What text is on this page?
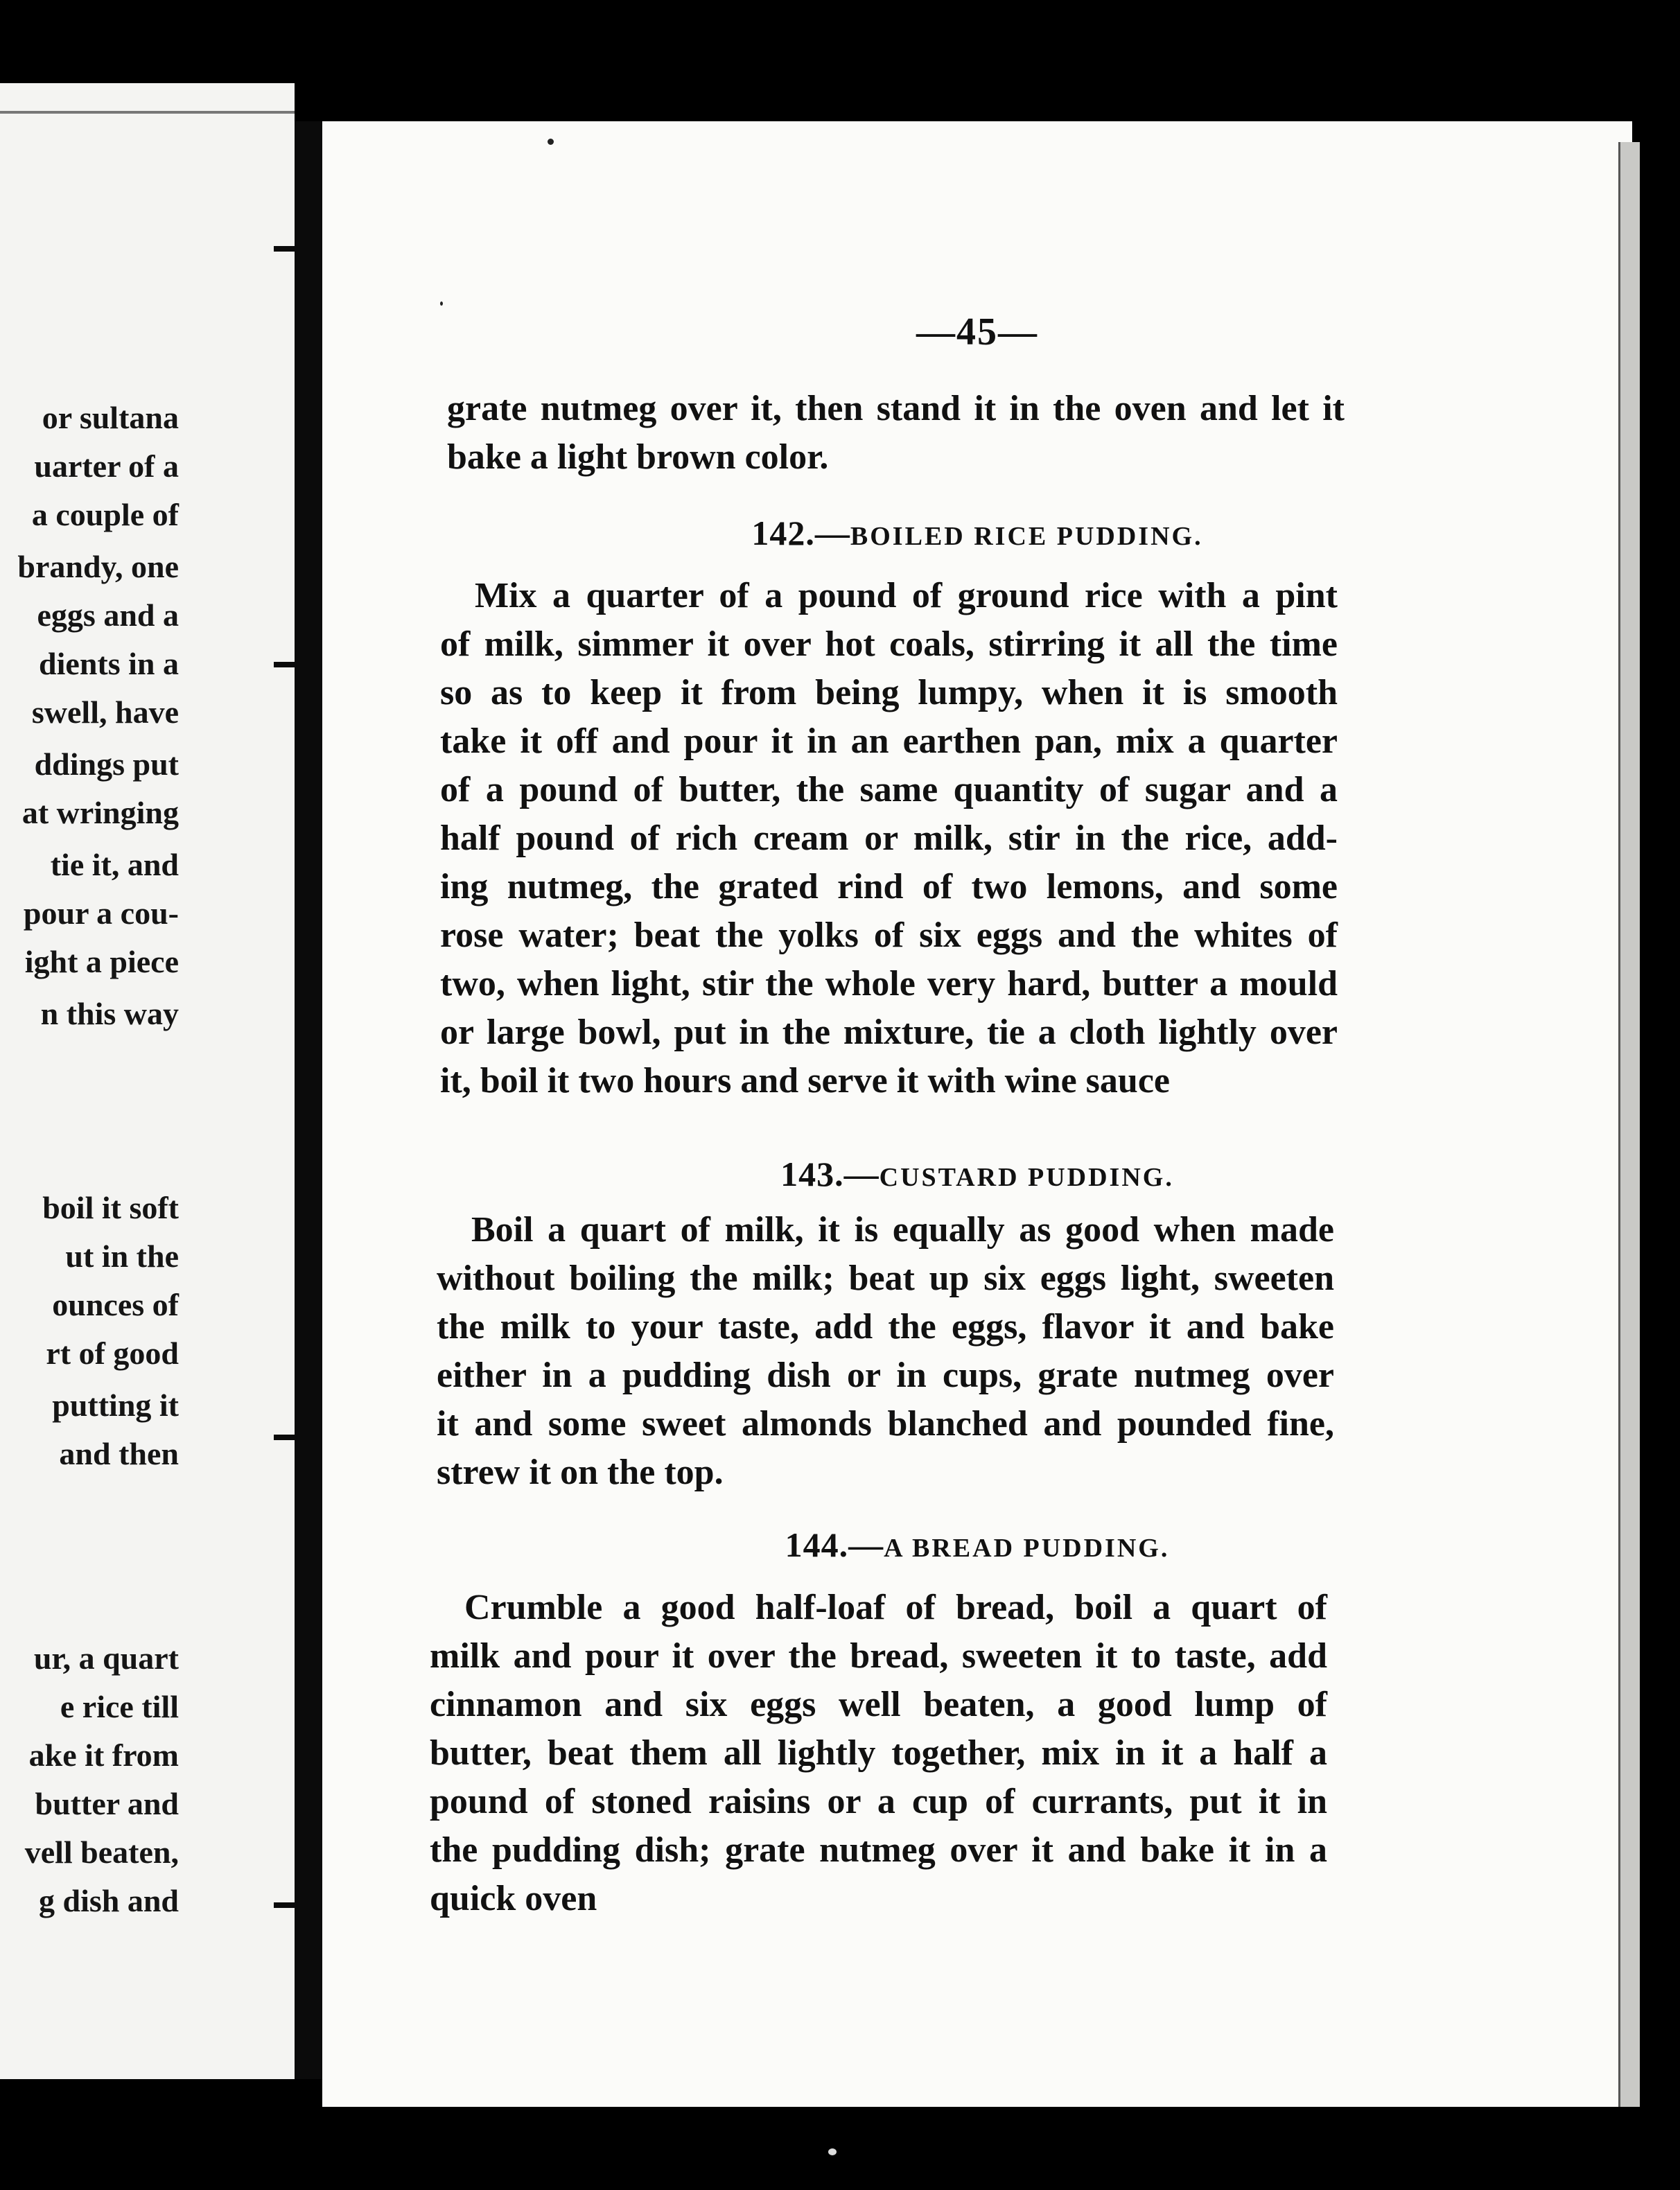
or sultana
uarter of a
a couple of
brandy, one
eggs and a
dients in a
swell, have
ddings put
at wringing
tie it, and
pour a cou-
ight a piece
n this way
boil it soft
ut in the
ounces of
rt of good
putting it
and then
ur, a quart
e rice till
ake it from
butter and
vell beaten,
g dish and
—45—
grate nutmeg over it, then stand it in the oven and let it
bake a light brown color.
142.—BOILED RICE PUDDING.
Mix a quarter of a pound of ground rice with a pint
of milk, simmer it over hot coals, stirring it all the time
so as to keep it from being lumpy, when it is smooth
take it off and pour it in an earthen pan, mix a quarter
of a pound of butter, the same quantity of sugar and a
half pound of rich cream or milk, stir in the rice, add-
ing nutmeg, the grated rind of two lemons, and some
rose water; beat the yolks of six eggs and the whites of
two, when light, stir the whole very hard, butter a mould
or large bowl, put in the mixture, tie a cloth lightly over
it, boil it two hours and serve it with wine sauce
143.—CUSTARD PUDDING.
Boil a quart of milk, it is equally as good when made
without boiling the milk; beat up six eggs light, sweeten
the milk to your taste, add the eggs, flavor it and bake
either in a pudding dish or in cups, grate nutmeg over
it and some sweet almonds blanched and pounded fine,
strew it on the top.
144.—A BREAD PUDDING.
Crumble a good half-loaf of bread, boil a quart of
milk and pour it over the bread, sweeten it to taste, add
cinnamon and six eggs well beaten, a good lump of
butter, beat them all lightly together, mix in it a half a
pound of stoned raisins or a cup of currants, put it in
the pudding dish; grate nutmeg over it and bake it in a
quick oven
